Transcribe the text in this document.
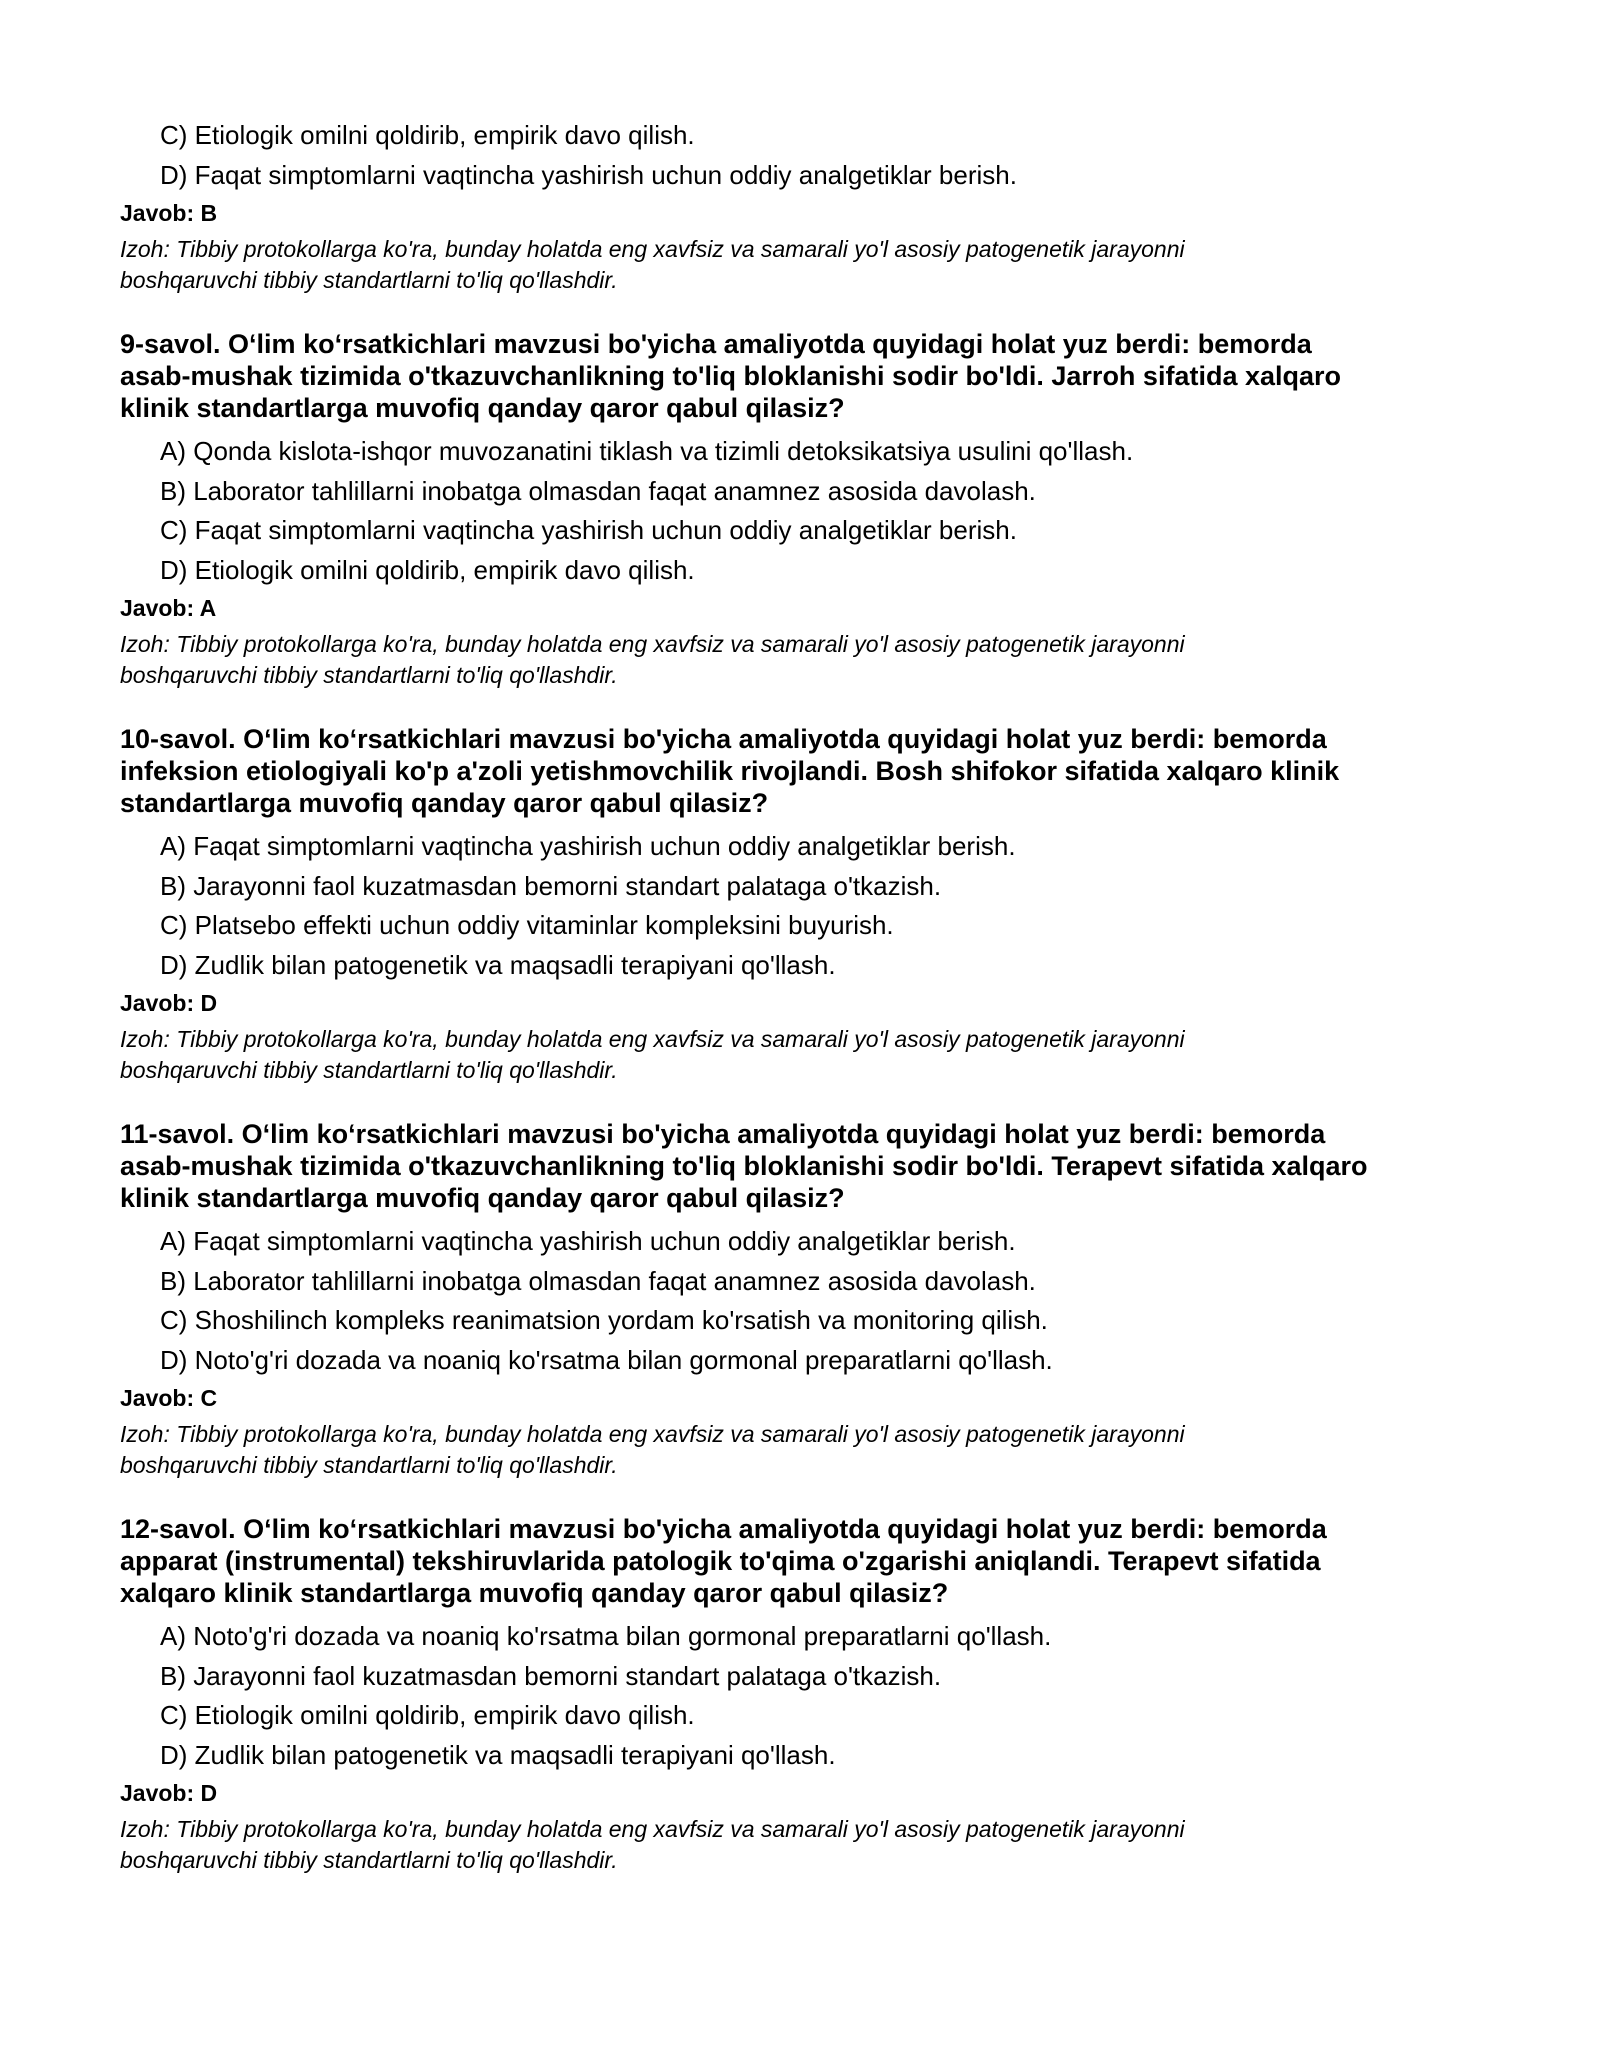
C) Etiologik omilni qoldirib, empirik davo qilish.
D) Faqat simptomlarni vaqtincha yashirish uchun oddiy analgetiklar berish.
Javob: B
Izoh: Tibbiy protokollarga ko'ra, bunday holatda eng xavfsiz va samarali yo'l asosiy patogenetik jarayonni
boshqaruvchi tibbiy standartlarni to'liq qo'llashdir.
9-savol. O‘lim ko‘rsatkichlari mavzusi bo'yicha amaliyotda quyidagi holat yuz berdi: bemorda
asab-mushak tizimida o'tkazuvchanlikning to'liq bloklanishi sodir bo'ldi. Jarroh sifatida xalqaro
klinik standartlarga muvofiq qanday qaror qabul qilasiz?
A) Qonda kislota-ishqor muvozanatini tiklash va tizimli detoksikatsiya usulini qo'llash.
B) Laborator tahlillarni inobatga olmasdan faqat anamnez asosida davolash.
C) Faqat simptomlarni vaqtincha yashirish uchun oddiy analgetiklar berish.
D) Etiologik omilni qoldirib, empirik davo qilish.
Javob: A
Izoh: Tibbiy protokollarga ko'ra, bunday holatda eng xavfsiz va samarali yo'l asosiy patogenetik jarayonni
boshqaruvchi tibbiy standartlarni to'liq qo'llashdir.
10-savol. O‘lim ko‘rsatkichlari mavzusi bo'yicha amaliyotda quyidagi holat yuz berdi: bemorda
infeksion etiologiyali ko'p a'zoli yetishmovchilik rivojlandi. Bosh shifokor sifatida xalqaro klinik
standartlarga muvofiq qanday qaror qabul qilasiz?
A) Faqat simptomlarni vaqtincha yashirish uchun oddiy analgetiklar berish.
B) Jarayonni faol kuzatmasdan bemorni standart palataga o'tkazish.
C) Platsebo effekti uchun oddiy vitaminlar kompleksini buyurish.
D) Zudlik bilan patogenetik va maqsadli terapiyani qo'llash.
Javob: D
Izoh: Tibbiy protokollarga ko'ra, bunday holatda eng xavfsiz va samarali yo'l asosiy patogenetik jarayonni
boshqaruvchi tibbiy standartlarni to'liq qo'llashdir.
11-savol. O‘lim ko‘rsatkichlari mavzusi bo'yicha amaliyotda quyidagi holat yuz berdi: bemorda
asab-mushak tizimida o'tkazuvchanlikning to'liq bloklanishi sodir bo'ldi. Terapevt sifatida xalqaro
klinik standartlarga muvofiq qanday qaror qabul qilasiz?
A) Faqat simptomlarni vaqtincha yashirish uchun oddiy analgetiklar berish.
B) Laborator tahlillarni inobatga olmasdan faqat anamnez asosida davolash.
C) Shoshilinch kompleks reanimatsion yordam ko'rsatish va monitoring qilish.
D) Noto'g'ri dozada va noaniq ko'rsatma bilan gormonal preparatlarni qo'llash.
Javob: C
Izoh: Tibbiy protokollarga ko'ra, bunday holatda eng xavfsiz va samarali yo'l asosiy patogenetik jarayonni
boshqaruvchi tibbiy standartlarni to'liq qo'llashdir.
12-savol. O‘lim ko‘rsatkichlari mavzusi bo'yicha amaliyotda quyidagi holat yuz berdi: bemorda
apparat (instrumental) tekshiruvlarida patologik to'qima o'zgarishi aniqlandi. Terapevt sifatida
xalqaro klinik standartlarga muvofiq qanday qaror qabul qilasiz?
A) Noto'g'ri dozada va noaniq ko'rsatma bilan gormonal preparatlarni qo'llash.
B) Jarayonni faol kuzatmasdan bemorni standart palataga o'tkazish.
C) Etiologik omilni qoldirib, empirik davo qilish.
D) Zudlik bilan patogenetik va maqsadli terapiyani qo'llash.
Javob: D
Izoh: Tibbiy protokollarga ko'ra, bunday holatda eng xavfsiz va samarali yo'l asosiy patogenetik jarayonni
boshqaruvchi tibbiy standartlarni to'liq qo'llashdir.
